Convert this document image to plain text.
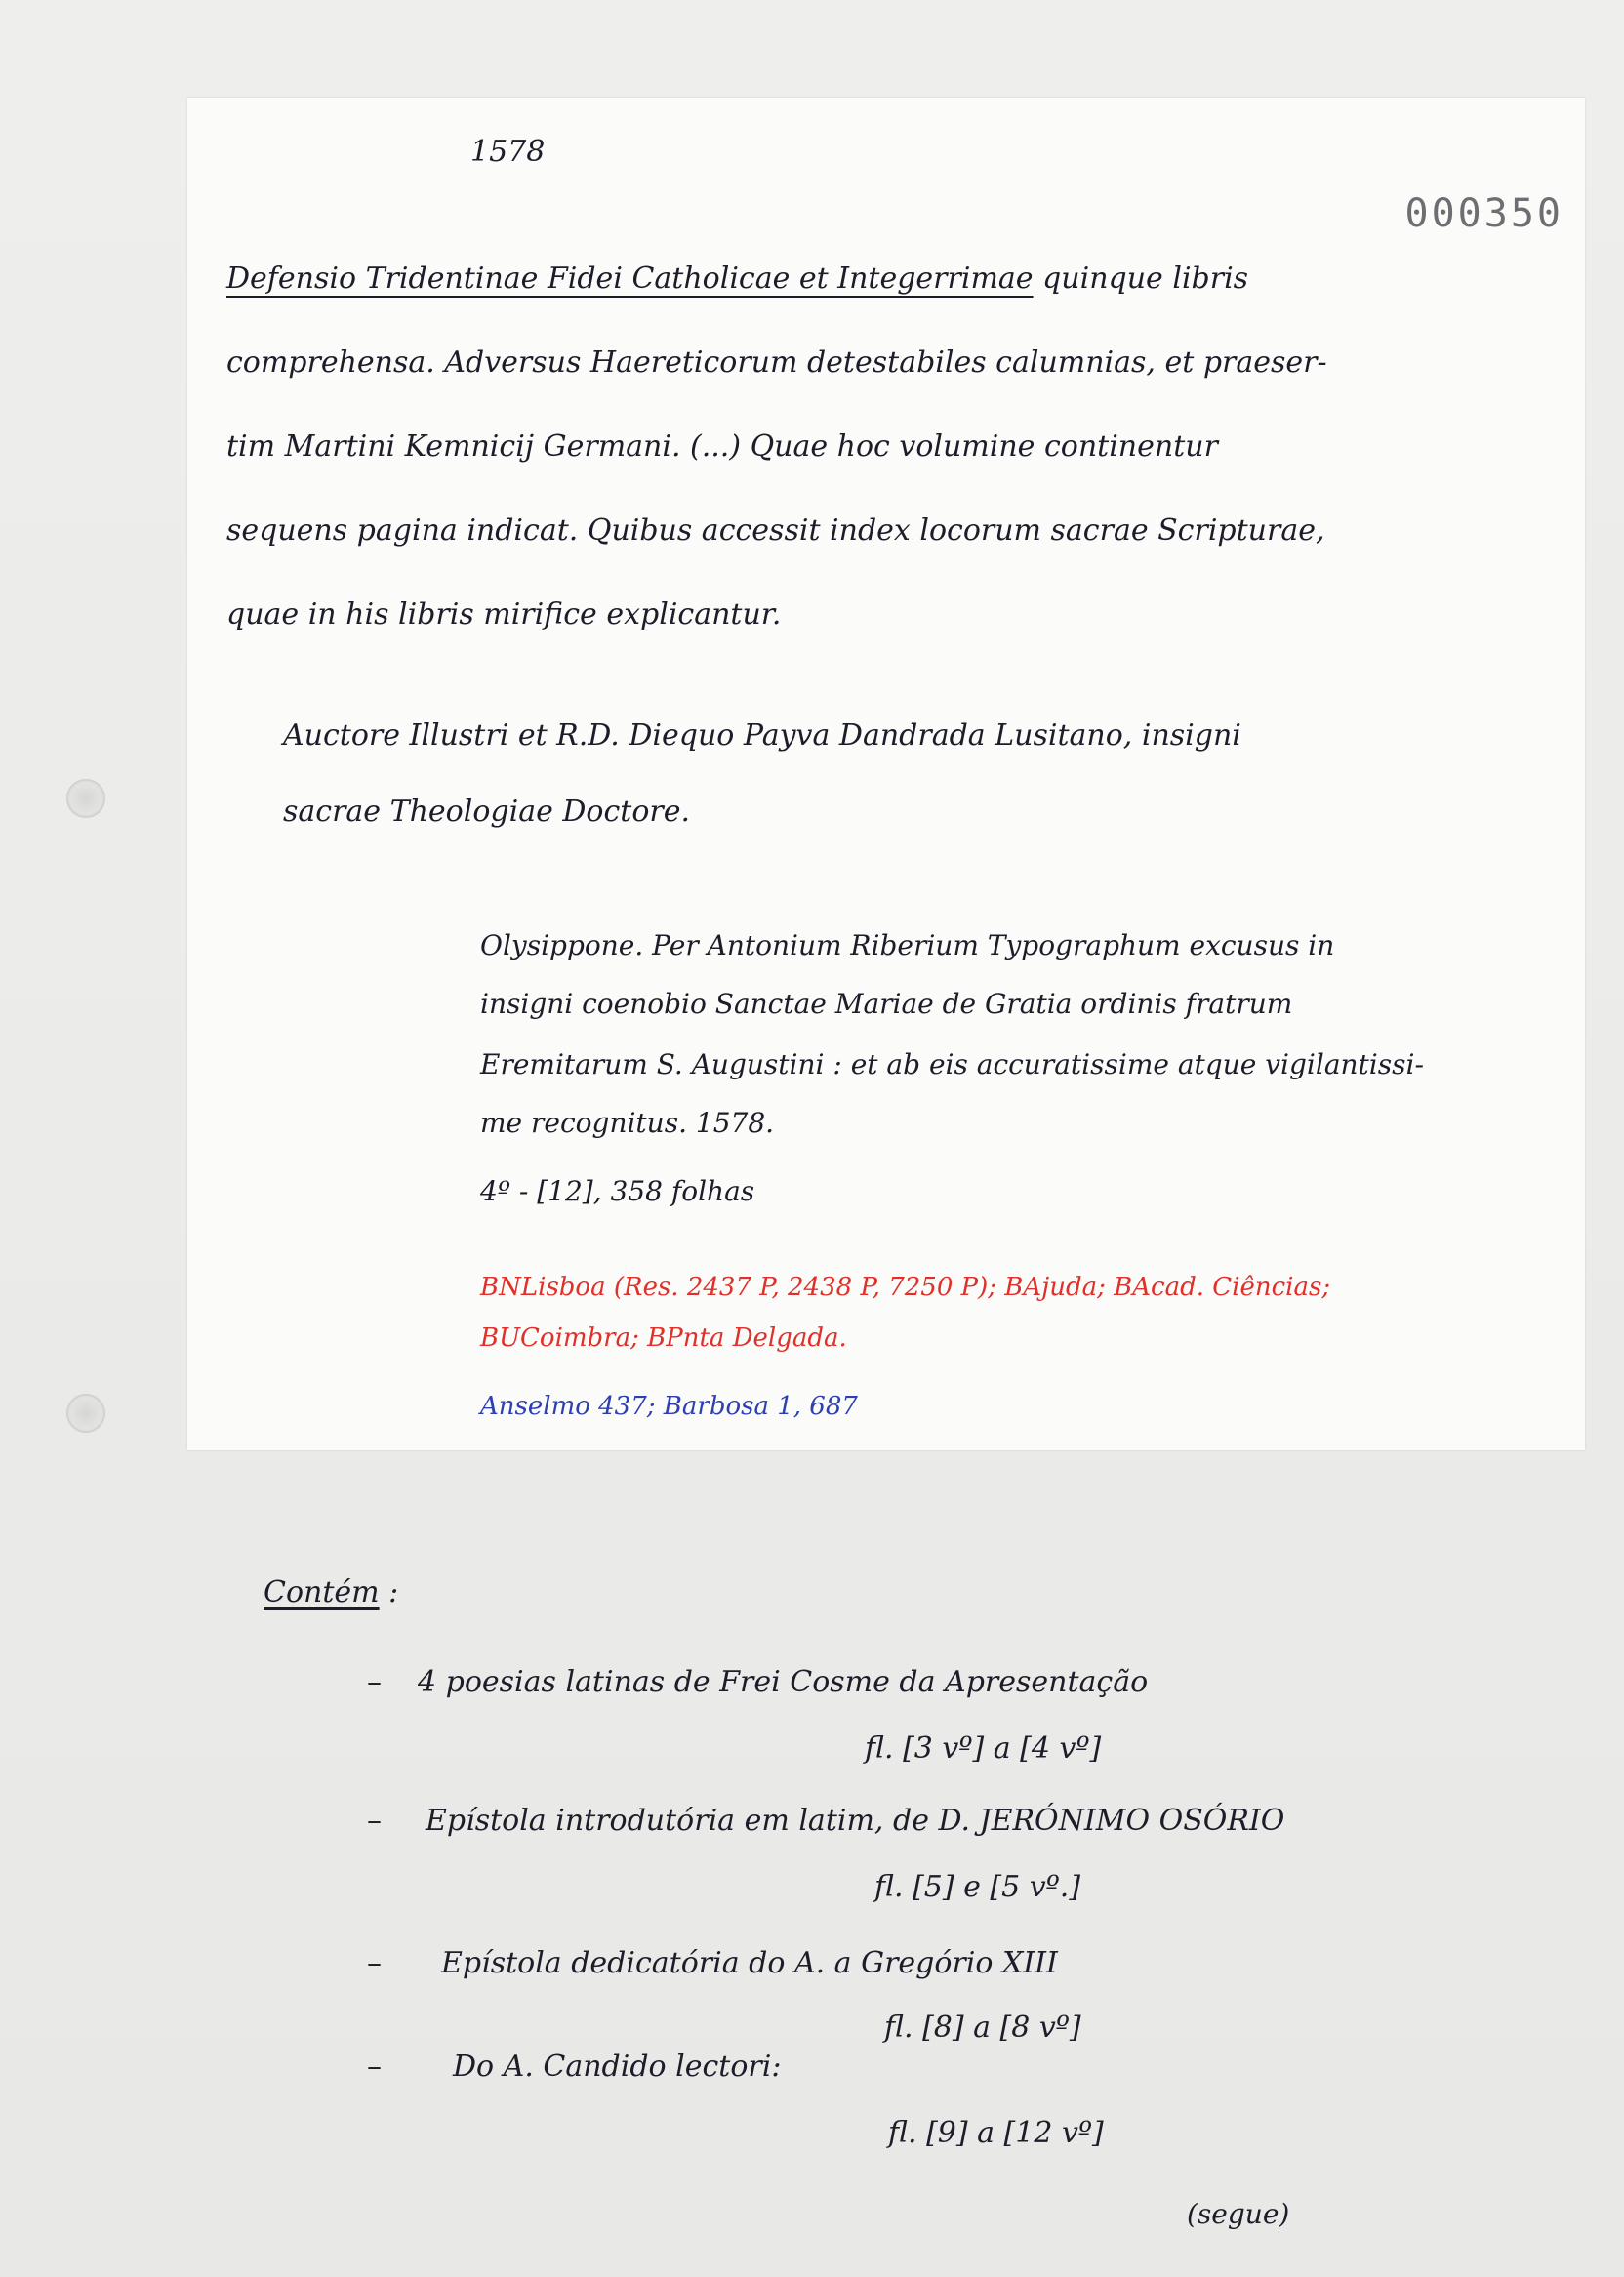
1578
000350
Defensio Tridentinae Fidei Catholicae et Integerrimae quinque libris
comprehensa. Adversus Haereticorum detestabiles calumnias, et praeser-
tim Martini Kemnicij Germani. (...) Quae hoc volumine continentur
sequens pagina indicat. Quibus accessit index locorum sacrae Scripturae,
quae in his libris mirifice explicantur.
Auctore Illustri et R.D. Diequo Payva Dandrada Lusitano, insigni
sacrae Theologiae Doctore.
Olysippone. Per Antonium Riberium Typographum excusus in
insigni coenobio Sanctae Mariae de Gratia ordinis fratrum
Eremitarum S. Augustini : et ab eis accuratissime atque vigilantissi-
me recognitus. 1578.
4º - [12], 358 folhas
BNLisboa (Res. 2437 P, 2438 P, 7250 P); BAjuda; BAcad. Ciências;
BUCoimbra; BPnta Delgada.
Anselmo 437; Barbosa 1, 687
Contém :
– 4 poesias latinas de Frei Cosme da Apresentação
fl. [3 vº] a [4 vº]
– Epístola introdutória em latim, de D. JERÓNIMO OSÓRIO
fl. [5] e [5 vº.]
– Epístola dedicatória do A. a Gregório XIII
fl. [8] a [8 vº]
– Do A. Candido lectori:
fl. [9] a [12 vº]
(segue)
